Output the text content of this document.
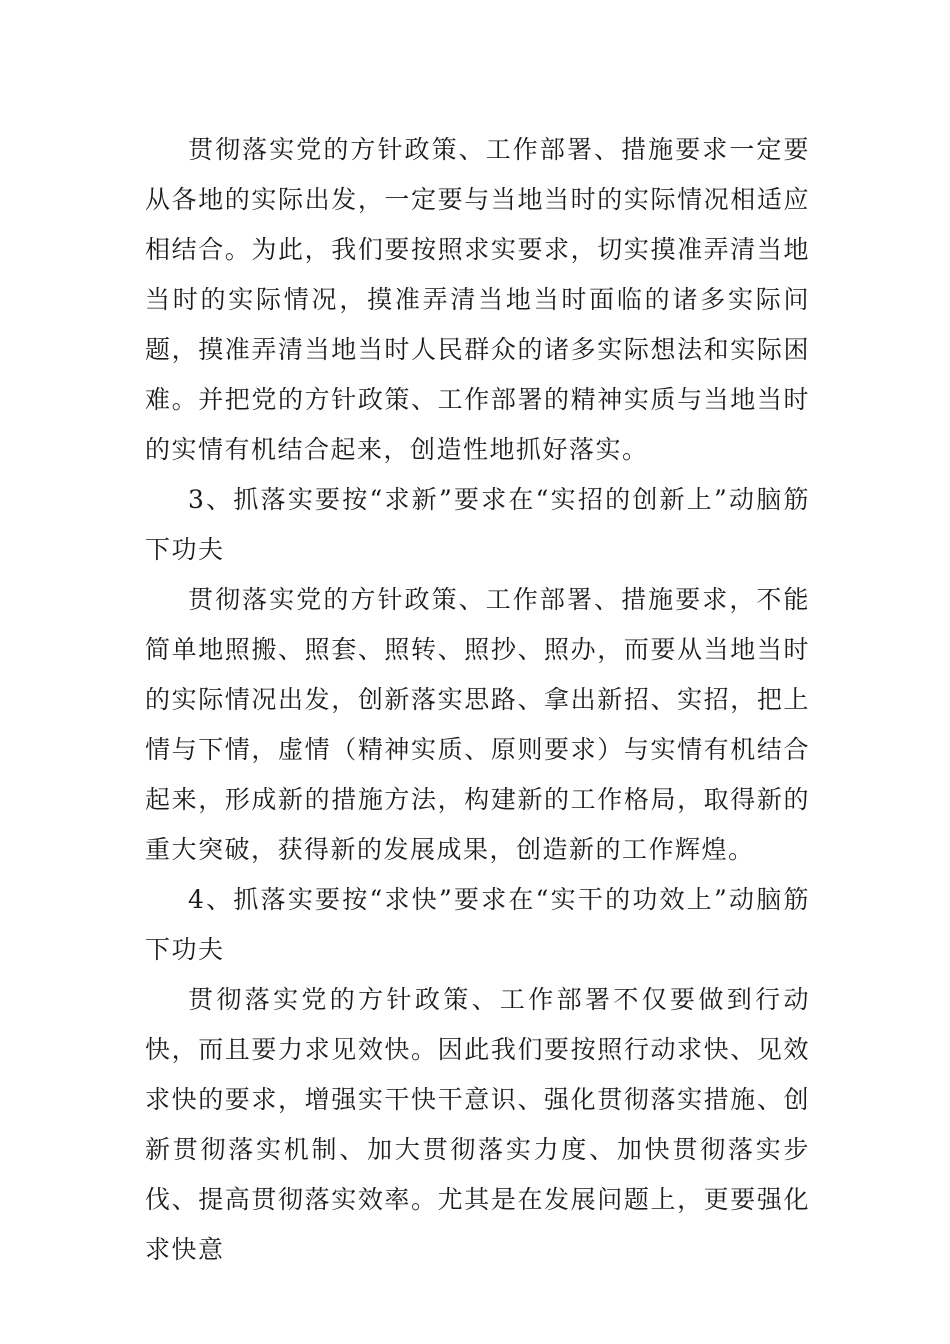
贯彻落实党的方针政策、工作部署、措施要求一定要从各地的实际出发，一定要与当地当时的实际情况相适应相结合。为此，我们要按照求实要求，切实摸准弄清当地当时的实际情况，摸准弄清当地当时面临的诸多实际问题，摸准弄清当地当时人民群众的诸多实际想法和实际困难。并把党的方针政策、工作部署的精神实质与当地当时的实情有机结合起来，创造性地抓好落实。

3、抓落实要按“求新”要求在“实招的创新上”动脑筋下功夫

贯彻落实党的方针政策、工作部署、措施要求，不能简单地照搬、照套、照转、照抄、照办，而要从当地当时的实际情况出发，创新落实思路、拿出新招、实招，把上情与下情，虚情（精神实质、原则要求）与实情有机结合起来，形成新的措施方法，构建新的工作格局，取得新的重大突破，获得新的发展成果，创造新的工作辉煌。

4、抓落实要按“求快”要求在“实干的功效上”动脑筋下功夫

贯彻落实党的方针政策、工作部署不仅要做到行动快，而且要力求见效快。因此我们要按照行动求快、见效求快的要求，增强实干快干意识、强化贯彻落实措施、创新贯彻落实机制、加大贯彻落实力度、加快贯彻落实步伐、提高贯彻落实效率。尤其是在发展问题上，更要强化求快意
